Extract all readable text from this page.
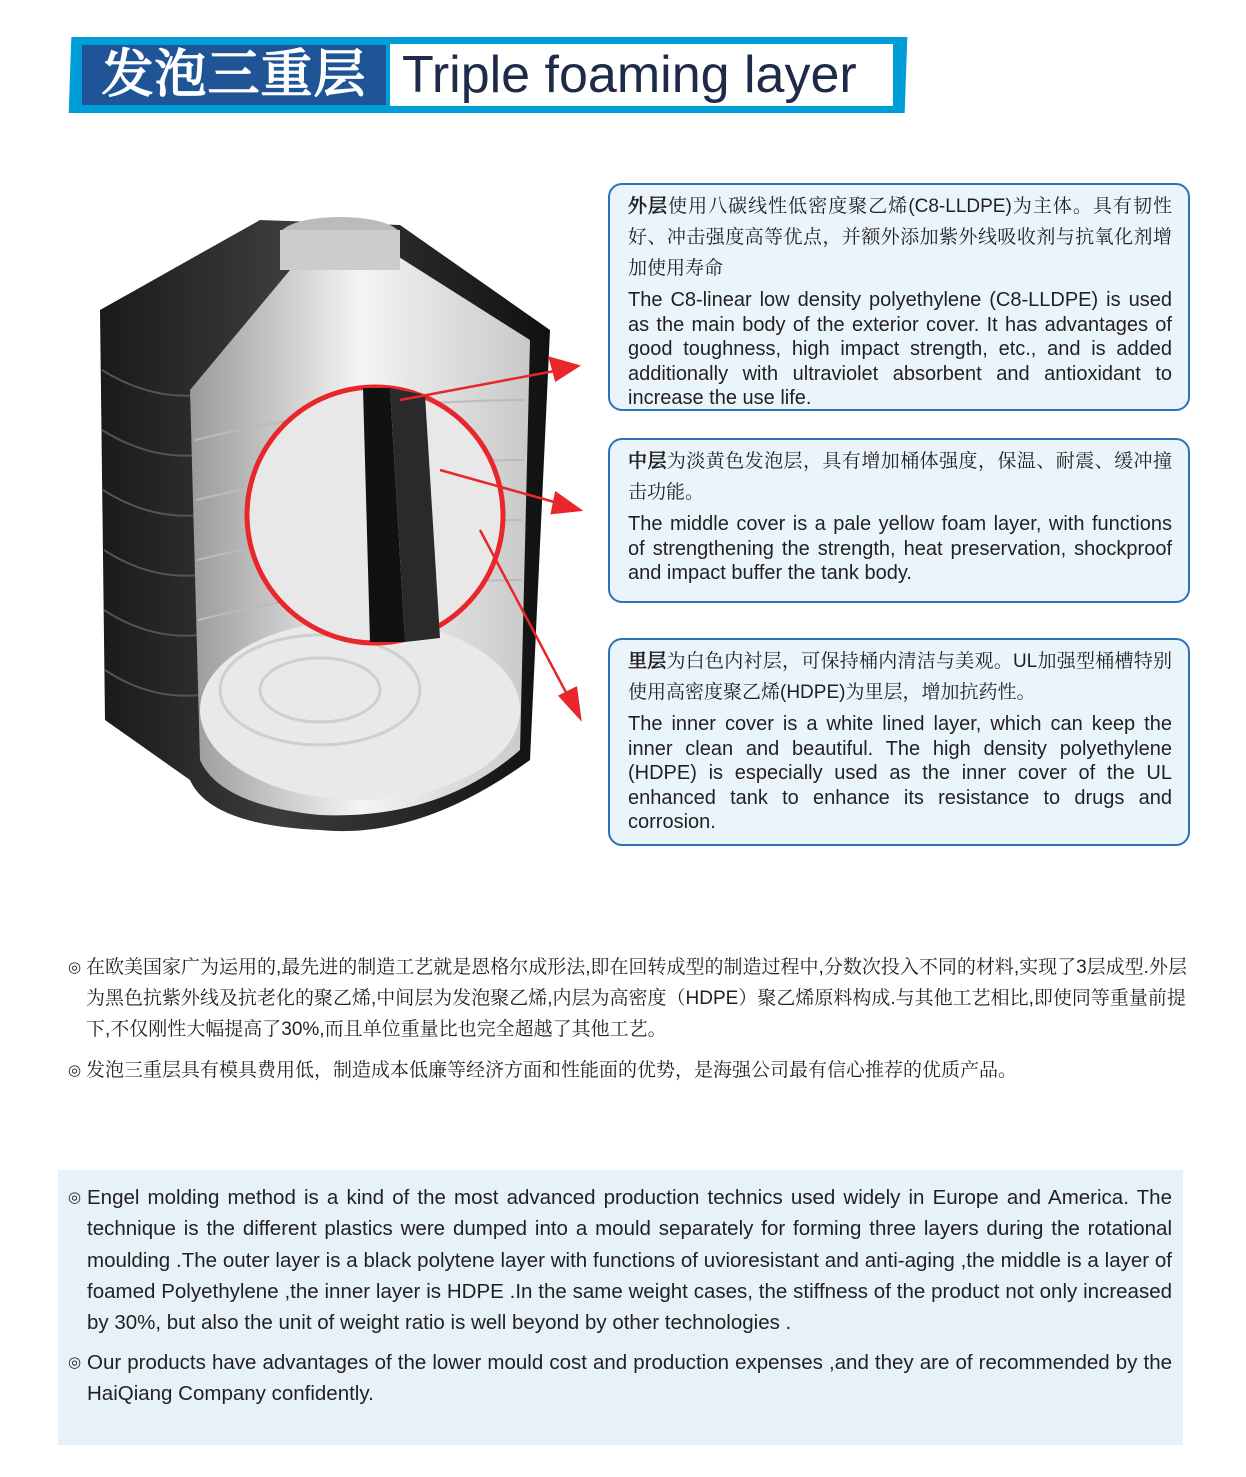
发泡三重层 Triple foaming layer
外层使用八碳线性低密度聚乙烯(C8-LLDPE)为主体。具有韧性好、冲击强度高等优点，并额外添加紫外线吸收剂与抗氧化剂增加使用寿命
The C8-linear low density polyethylene (C8-LLDPE) is used as the main body of the exterior cover. It has advantages of good toughness, high impact strength, etc., and is added additionally with ultraviolet absorbent and antioxidant to increase the use life.
中层为淡黄色发泡层，具有增加桶体强度，保温、耐震、缓冲撞击功能。
The middle cover is a pale yellow foam layer, with functions of strengthening the strength, heat preservation, shockproof and impact buffer the tank body.
里层为白色内衬层，可保持桶内清洁与美观。UL加强型桶槽特别使用高密度聚乙烯(HDPE)为里层，增加抗药性。
The inner cover is a white lined layer, which can keep the inner clean and beautiful. The high density polyethylene (HDPE) is especially used as the inner cover of the UL enhanced tank to enhance its resistance to drugs and corrosion.
◎ 在欧美国家广为运用的,最先进的制造工艺就是恩格尔成形法,即在回转成型的制造过程中,分数次投入不同的材料,实现了3层成型.外层为黑色抗紫外线及抗老化的聚乙烯,中间层为发泡聚乙烯,内层为高密度（HDPE）聚乙烯原料构成.与其他工艺相比,即使同等重量前提下,不仅刚性大幅提高了30%,而且单位重量比也完全超越了其他工艺。
◎ 发泡三重层具有模具费用低，制造成本低廉等经济方面和性能面的优势，是海强公司最有信心推荐的优质产品。
◎ Engel molding method is a kind of the most advanced production technics used widely in Europe and America. The technique is the different plastics were dumped into a mould separately for forming three layers during the rotational moulding .The outer layer is a black polytene layer with functions of uvioresistant and anti-aging ,the middle is a layer of foamed Polyethylene ,the inner layer is HDPE .In the same weight cases, the stiffness of the product not only increased by 30%, but also the unit of weight ratio is well beyond by other technologies .
◎ Our products have advantages of the lower mould cost and production expenses ,and they are of recommended by the HaiQiang Company confidently.
